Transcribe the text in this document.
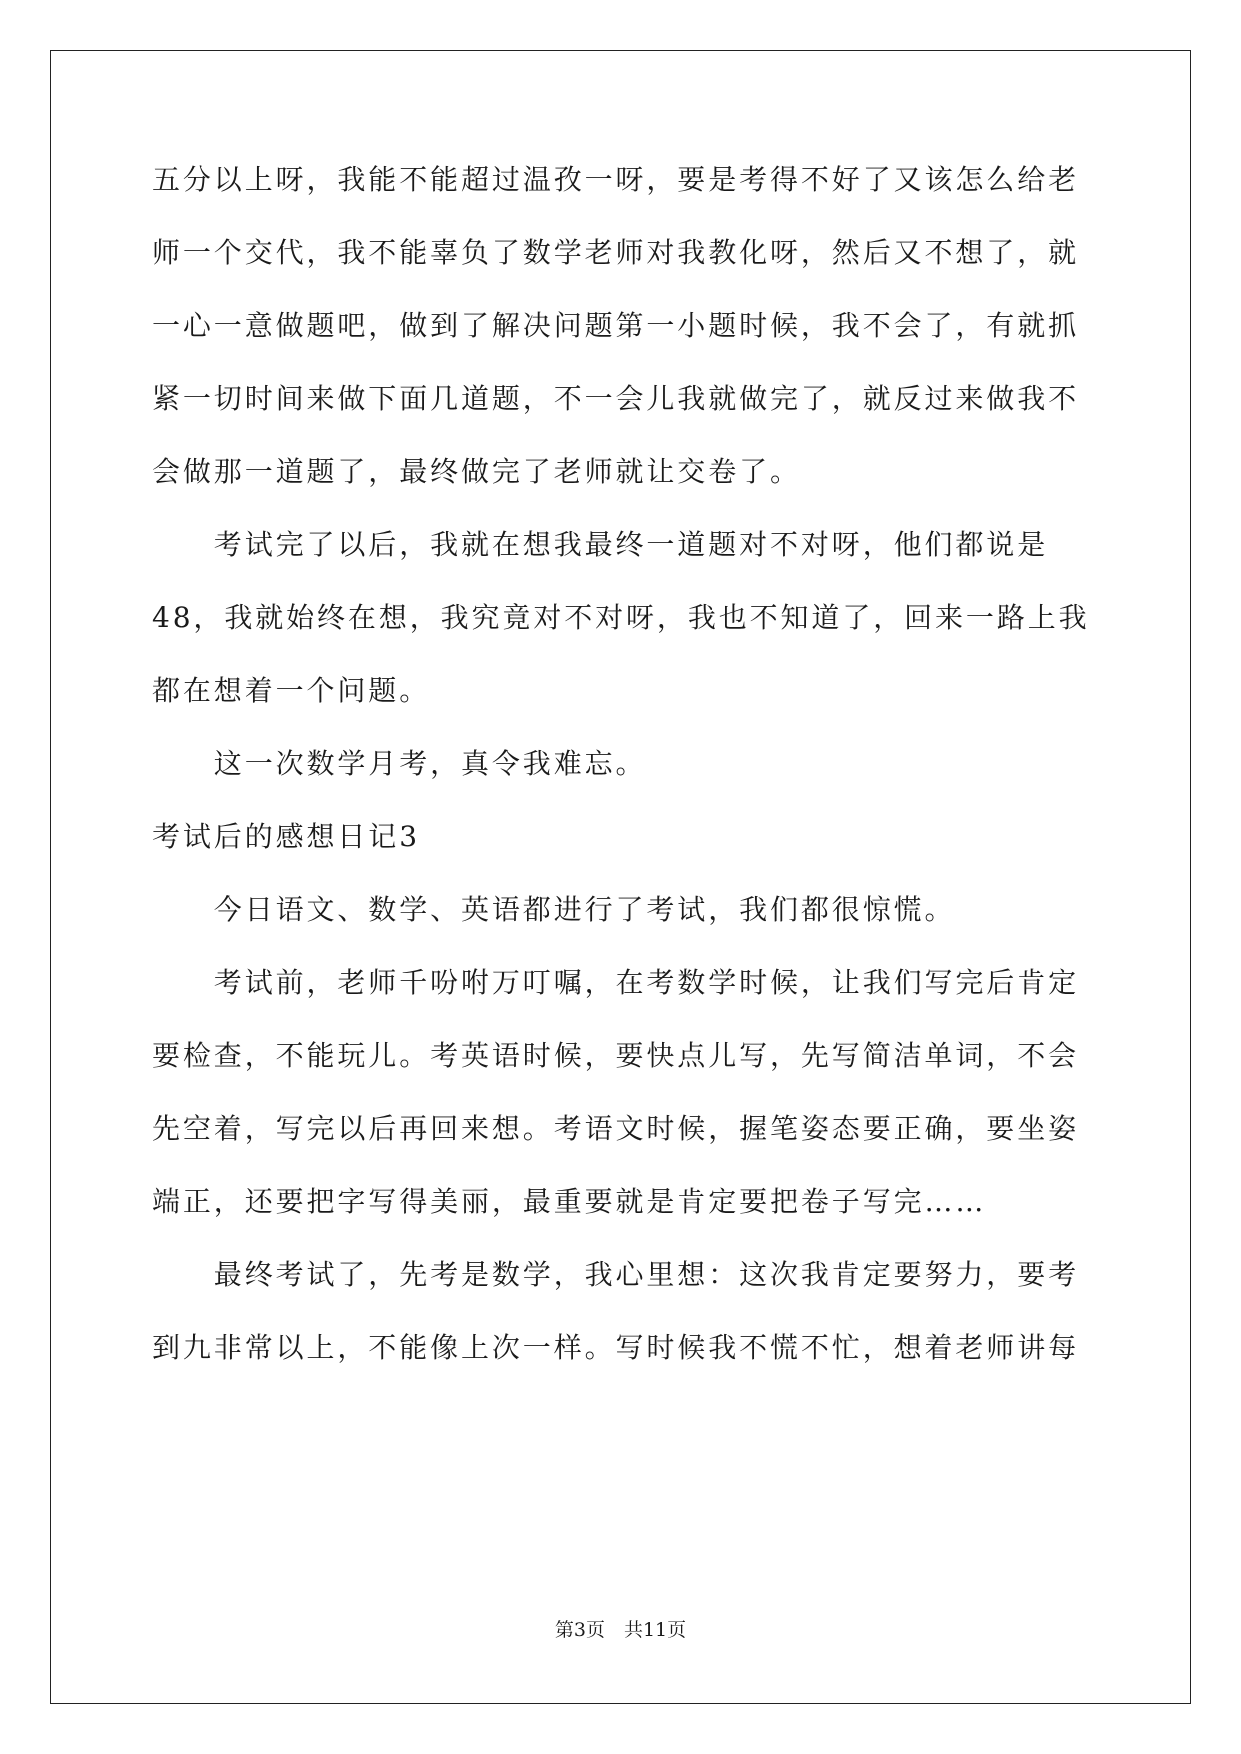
五分以上呀，我能不能超过温孜一呀，要是考得不好了又该怎么给老
师一个交代，我不能辜负了数学老师对我教化呀，然后又不想了，就
一心一意做题吧，做到了解决问题第一小题时候，我不会了，有就抓
紧一切时间来做下面几道题，不一会儿我就做完了，就反过来做我不
会做那一道题了，最终做完了老师就让交卷了。
　　考试完了以后，我就在想我最终一道题对不对呀，他们都说是
48，我就始终在想，我究竟对不对呀，我也不知道了，回来一路上我
都在想着一个问题。
　　这一次数学月考，真令我难忘。
考试后的感想日记3
　　今日语文、数学、英语都进行了考试，我们都很惊慌。
　　考试前，老师千吩咐万叮嘱，在考数学时候，让我们写完后肯定
要检查，不能玩儿。考英语时候，要快点儿写，先写简洁单词，不会
先空着，写完以后再回来想。考语文时候，握笔姿态要正确，要坐姿
端正，还要把字写得美丽，最重要就是肯定要把卷子写完……
　　最终考试了，先考是数学，我心里想：这次我肯定要努力，要考
到九非常以上，不能像上次一样。写时候我不慌不忙，想着老师讲每
第3页　共11页
